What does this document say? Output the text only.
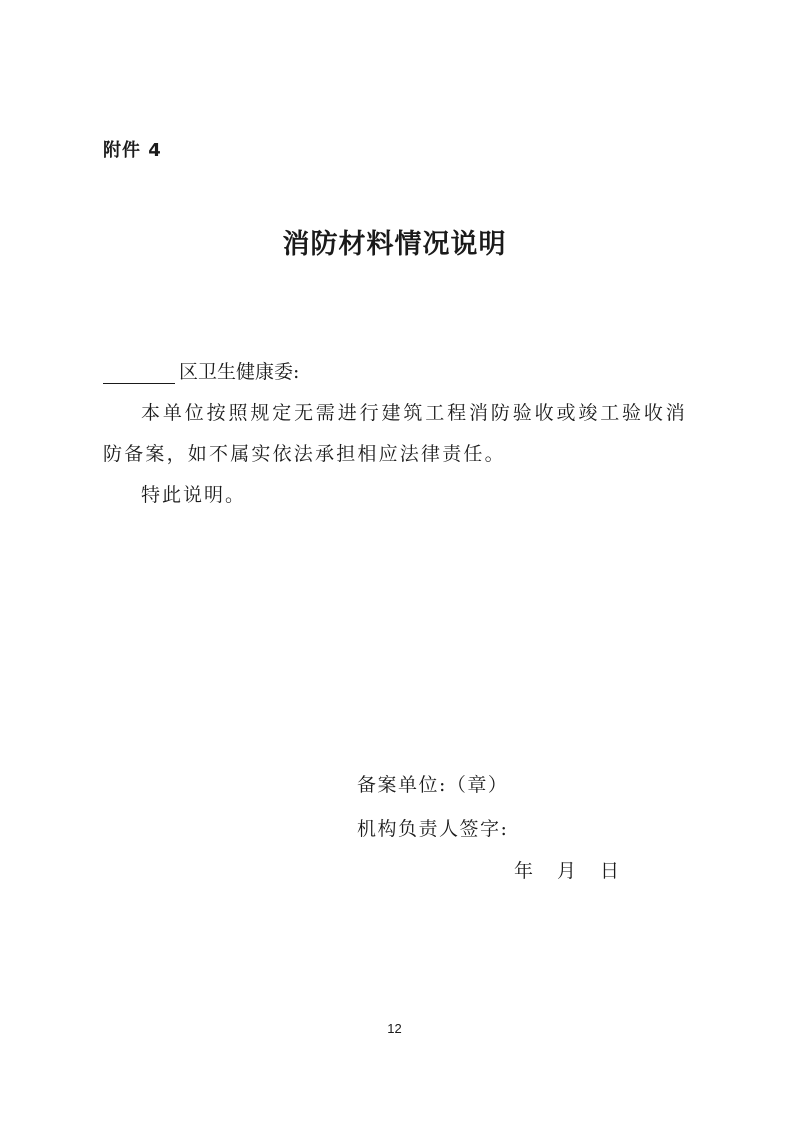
附件 4
消防材料情况说明
区卫生健康委:
本单位按照规定无需进行建筑工程消防验收或竣工验收消防备案，如不属实依法承担相应法律责任。
特此说明。
备案单位:（章）
机构负责人签字:
年 月 日
12
